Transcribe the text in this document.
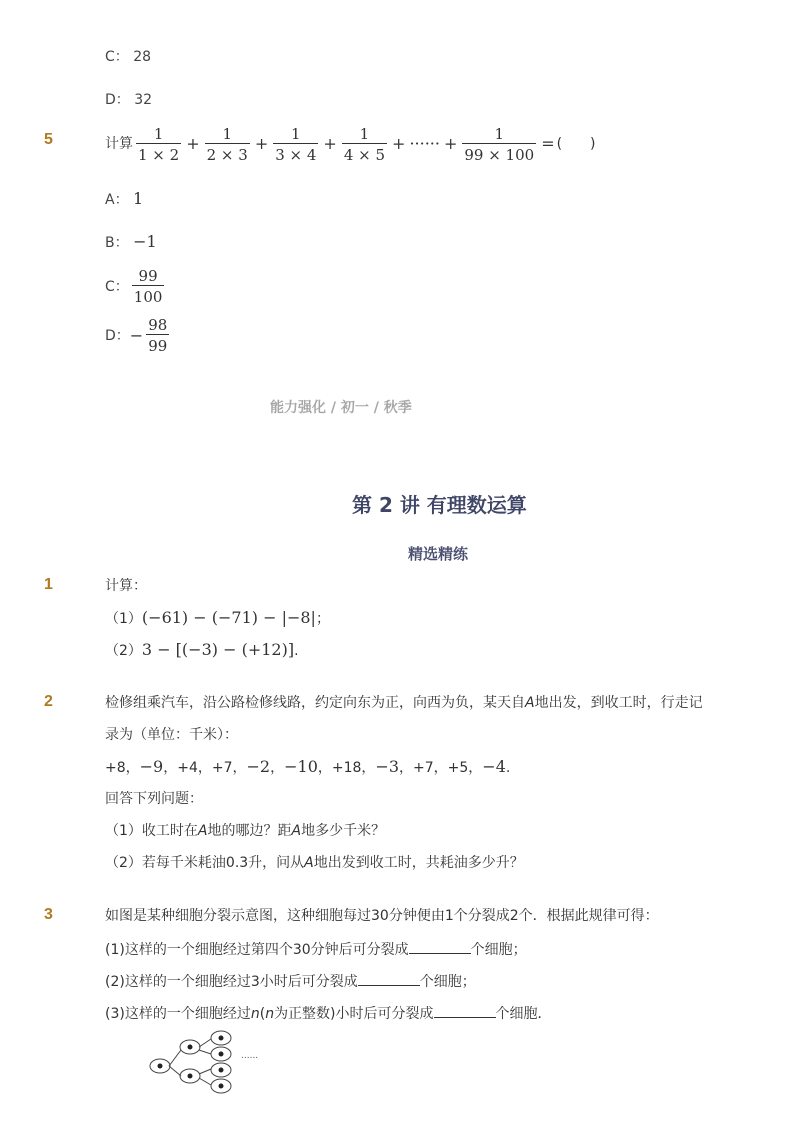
C： 28
D： 32
5	计算 $\frac{1}{1 \times 2} + \frac{1}{2 \times 3} + \frac{1}{3 \times 4} + \frac{1}{4 \times 5}$ + ······ + $\frac{1}{99 \times 100}$ = (　　)
A： 1
B： −1
C： $\frac{99}{100}$
D： − $\frac{98}{99}$
能力强化 / 初一 / 秋季
第 2 讲 有理数运算
精选精练
1	计算：
（1）(−61) − (−71) − |−8|；
（2）3 − [(−3) − (+12)].
2	检修组乘汽车，沿公路检修线路，约定向东为正，向西为负，某天自A地出发，到收工时，行走记
录为（单位：千米）：
+8，−9，+4，+7，−2，−10，+18，−3，+7，+5，−4.
回答下列问题：
（1）收工时在A地的哪边？距A地多少千米？
（2）若每千米耗油0.3升，问从A地出发到收工时，共耗油多少升？
3	如图是某种细胞分裂示意图，这种细胞每过30分钟便由1个分裂成2个．根据此规律可得：
(1)这样的一个细胞经过第四个30分钟后可分裂成	个细胞；
(2)这样的一个细胞经过3小时后可分裂成	个细胞；
(3)这样的一个细胞经过n(n为正整数)小时后可分裂成	个细胞．
......
